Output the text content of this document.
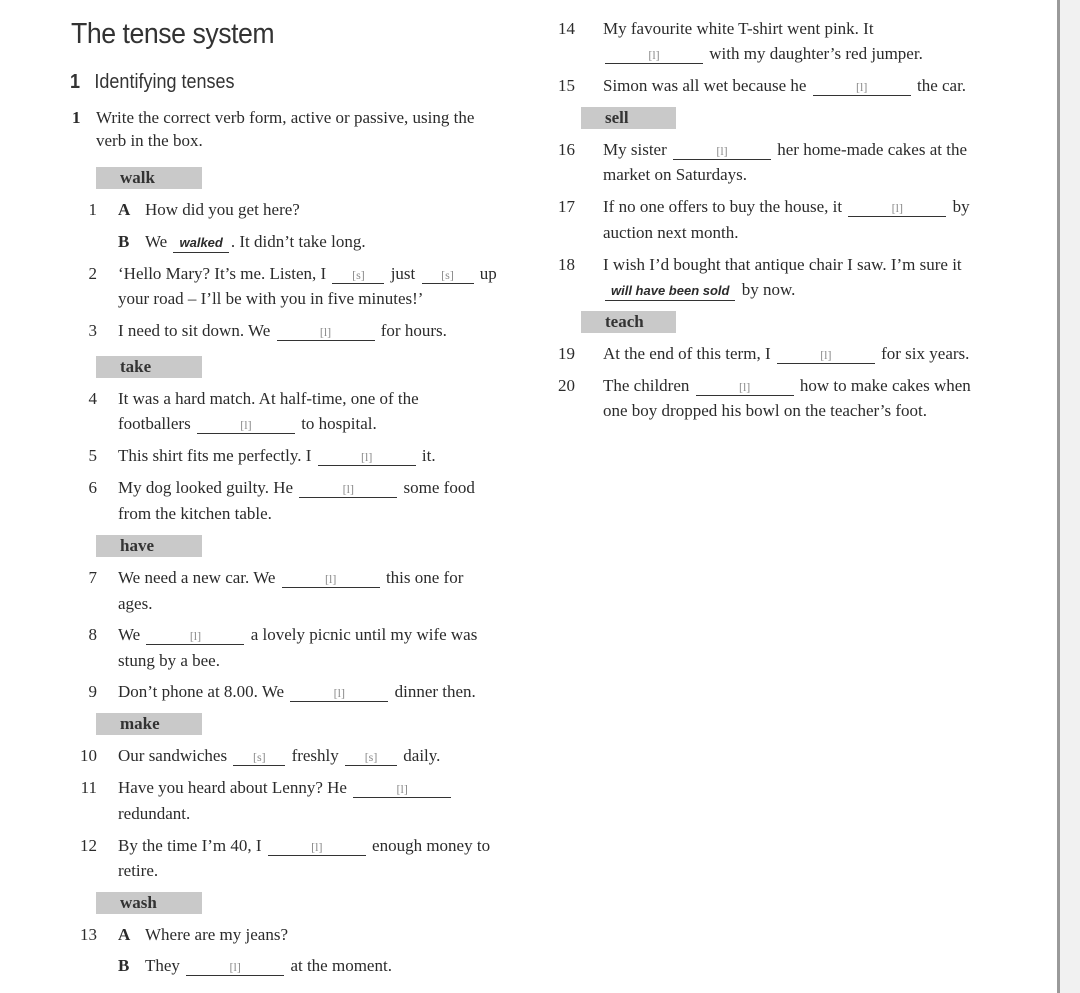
The tense system
1 Identifying tenses
1 Write the correct verb form, active or passive, using the
verb in the box.
walk
1 A How did you get here?
B We walked . It didn’t take long.
2 ‘Hello Mary? It’s me. Listen, I [s] just [s] up
your road – I’ll be with you in five minutes!’
3 I need to sit down. We	[l]	for hours.
take
4 It was a hard match. At half-time, one of the
footballers	[l]	to hospital.
5 This shirt fits me perfectly. I	[l]	it.
6 My dog looked guilty. He	[l]	some food
from the kitchen table.
have
7 We need a new car. We	[l]	this one for
ages.
8 We	[l]	a lovely picnic until my wife was
stung by a bee.
9 Don’t phone at 8.00. We	[l]	dinner then.
make
10 Our sandwiches [s] freshly [s] daily.
11 Have you heard about Lenny? He	[l]
redundant.
12 By the time I’m 40, I	[l]	enough money to
retire.
wash
13 A Where are my jeans?
B They	[l]	at the moment.
14 My favourite white T-shirt went pink. It
[l]	with my daughter’s red jumper.
15 Simon was all wet because he	[l]	the car.
sell
16 My sister	[l]	her home-made cakes at the
market on Saturdays.
17 If no one offers to buy the house, it	[l]	by
auction next month.
18 I wish I’d bought that antique chair I saw. I’m sure it
will have been sold by now.
teach
19 At the end of this term, I	[l]	for six years.
20 The children	[l]	how to make cakes when
one boy dropped his bowl on the teacher’s foot.
